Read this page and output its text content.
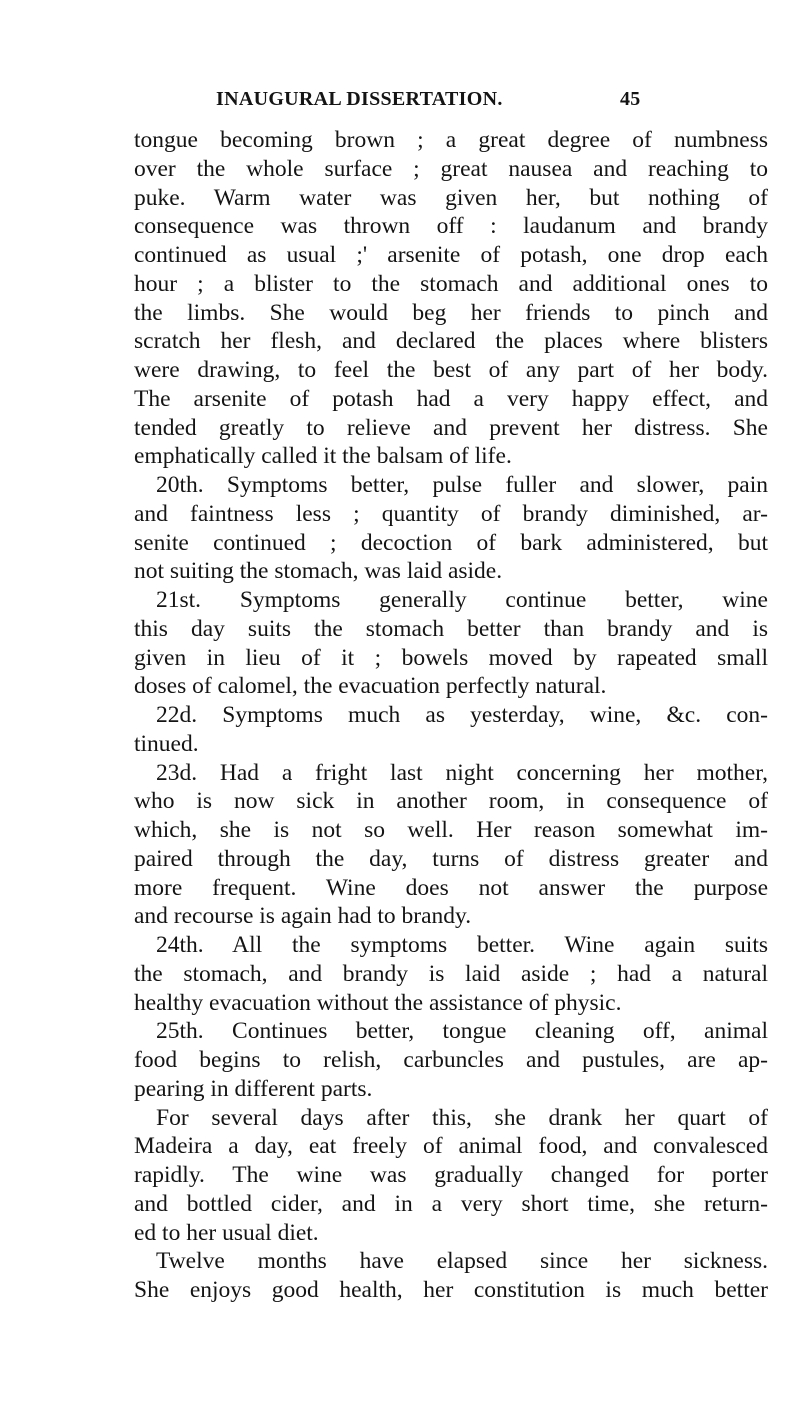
INAUGURAL DISSERTATION.	45
tongue becoming brown ; a great degree of numbness
over the whole surface ; great nausea and reaching to
puke. Warm water was given her, but nothing of
consequence was thrown off : laudanum and brandy
continued as usual ;' arsenite of potash, one drop each
hour ; a blister to the stomach and additional ones to
the limbs. She would beg her friends to pinch and
scratch her flesh, and declared the places where blisters
were drawing, to feel the best of any part of her body.
The arsenite of potash had a very happy effect, and
tended greatly to relieve and prevent her distress. She
emphatically called it the balsam of life.
20th. Symptoms better, pulse fuller and slower, pain
and faintness less ; quantity of brandy diminished, ar-
senite continued ; decoction of bark administered, but
not suiting the stomach, was laid aside.
21st. Symptoms generally continue better, wine
this day suits the stomach better than brandy and is
given in lieu of it ; bowels moved by rapeated small
doses of calomel, the evacuation perfectly natural.
22d. Symptoms much as yesterday, wine, &c. con-
tinued.
23d. Had a fright last night concerning her mother,
who is now sick in another room, in consequence of
which, she is not so well. Her reason somewhat im-
paired through the day, turns of distress greater and
more frequent. Wine does not answer the purpose
and recourse is again had to brandy.
24th. All the symptoms better. Wine again suits
the stomach, and brandy is laid aside ; had a natural
healthy evacuation without the assistance of physic.
25th. Continues better, tongue cleaning off, animal
food begins to relish, carbuncles and pustules, are ap-
pearing in different parts.
For several days after this, she drank her quart of
Madeira a day, eat freely of animal food, and convalesced
rapidly. The wine was gradually changed for porter
and bottled cider, and in a very short time, she return-
ed to her usual diet.
Twelve months have elapsed since her sickness.
She enjoys good health, her constitution is much better
